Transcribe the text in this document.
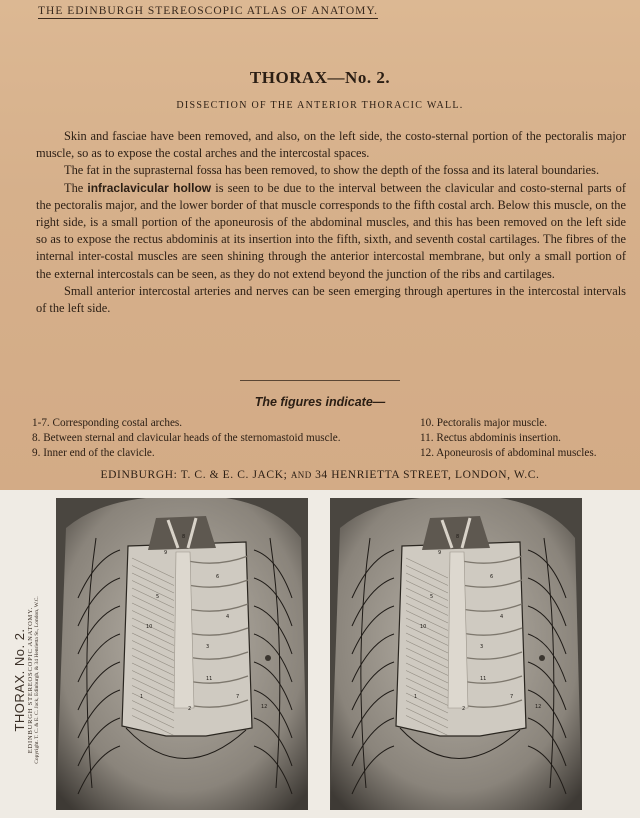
THE EDINBURGH STEREOSCOPIC ATLAS OF ANATOMY.
THORAX—No. 2.
DISSECTION OF THE ANTERIOR THORACIC WALL.

Skin and fasciae have been removed, and also, on the left side, the costo-sternal portion of the pectoralis major muscle, so as to expose the costal arches and the intercostal spaces.

The fat in the suprasternal fossa has been removed, to show the depth of the fossa and its lateral boundaries.

The infraclavicular hollow is seen to be due to the interval between the clavicular and costo-sternal parts of the pectoralis major, and the lower border of that muscle corresponds to the fifth costal arch. Below this muscle, on the right side, is a small portion of the aponeurosis of the abdominal muscles, and this has been removed on the left side so as to expose the rectus abdominis at its insertion into the fifth, sixth, and seventh costal cartilages. The fibres of the internal inter-costal muscles are seen shining through the anterior intercostal membrane, but only a small portion of the external intercostals can be seen, as they do not extend beyond the junction of the ribs and cartilages.

Small anterior intercostal arteries and nerves can be seen emerging through apertures in the intercostal intervals of the left side.

The figures indicate—
1-7. Corresponding costal arches.
8. Between sternal and clavicular heads of the sternomastoid muscle.
9. Inner end of the clavicle.
10. Pectoralis major muscle.
11. Rectus abdominis insertion.
12. Aponeurosis of abdominal muscles.
EDINBURGH: T. C. & E. C. JACK; AND 34 HENRIETTA STREET, LONDON, W.C.
THORAX. No. 2. EDINBURGH STEREOSCOPIC ANATOMY. Copyright. T. C. & E. C. Jack, Edinburgh, & 34 Henrietta St., London, W.C.	1
2
3
4
5
6
7
8
9
10
11
12
1
2
3
4
5
6
7
8
9
10
11
12
